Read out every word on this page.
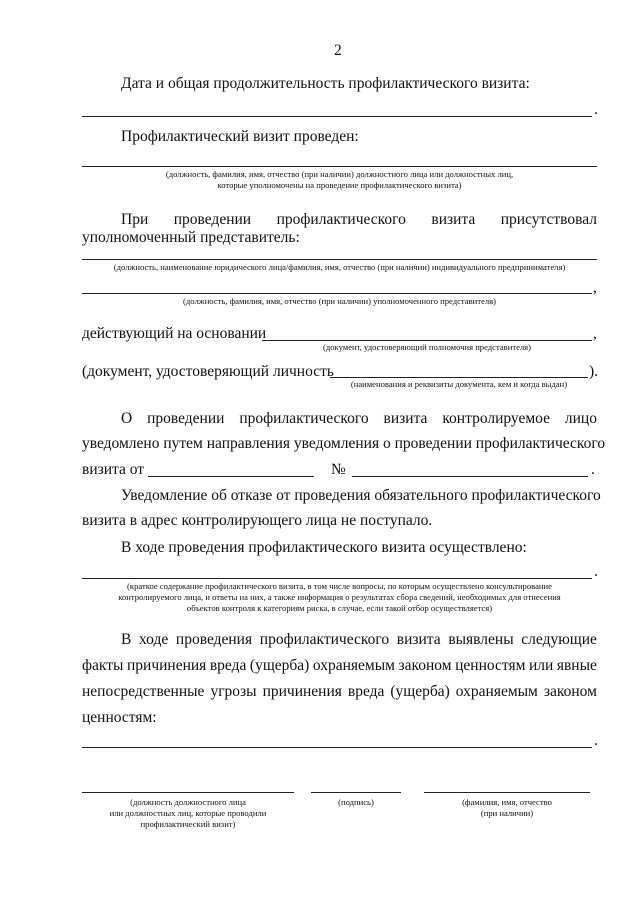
2
Дата и общая продолжительность профилактического визита:
.
Профилактический визит проведен:
(должность, фамилия, имя, отчество (при наличии) должностного лица или должностных лиц,
которые уполномочены на проведение профилактического визита)
При проведении профилактического визита присутствовал
уполномоченный представитель:
(должность, наименование юридического лица/фамилия, имя, отчество (при наличии) индивидуального предпринимателя)
,
(должность, фамилия, имя, отчество (при наличии) уполномоченного представителя)
действующий на основании	,
(документ, удостоверяющий полномочия представителя)
(документ, удостоверяющий личность	).
(наименования и реквизиты документа, кем и когда выдан)
О проведении профилактического визита контролируемое лицо
уведомлено путем направления уведомления о проведении профилактического
визита от	№	.
Уведомление об отказе от проведения обязательного профилактического
визита в адрес контролирующего лица не поступало.
В ходе проведения профилактического визита осуществлено:
.
(краткое содержание профилактического визита, в том числе вопросы, по которым осуществлено консультирование
контролируемого лица, и ответы на них, а также информация о результатах сбора сведений, необходимых для отнесения
объектов контроля к категориям риска, в случае, если такой отбор осуществляется)
В ходе проведения профилактического визита выявлены следующие
факты причинения вреда (ущерба) охраняемым законом ценностям или явные
непосредственные угрозы причинения вреда (ущерба) охраняемым законом
ценностям:
.
(должность должностного лица
или должностных лиц, которые проводили
профилактический визит)
(подпись)	(фамилия, имя, отчество
(при наличии)
